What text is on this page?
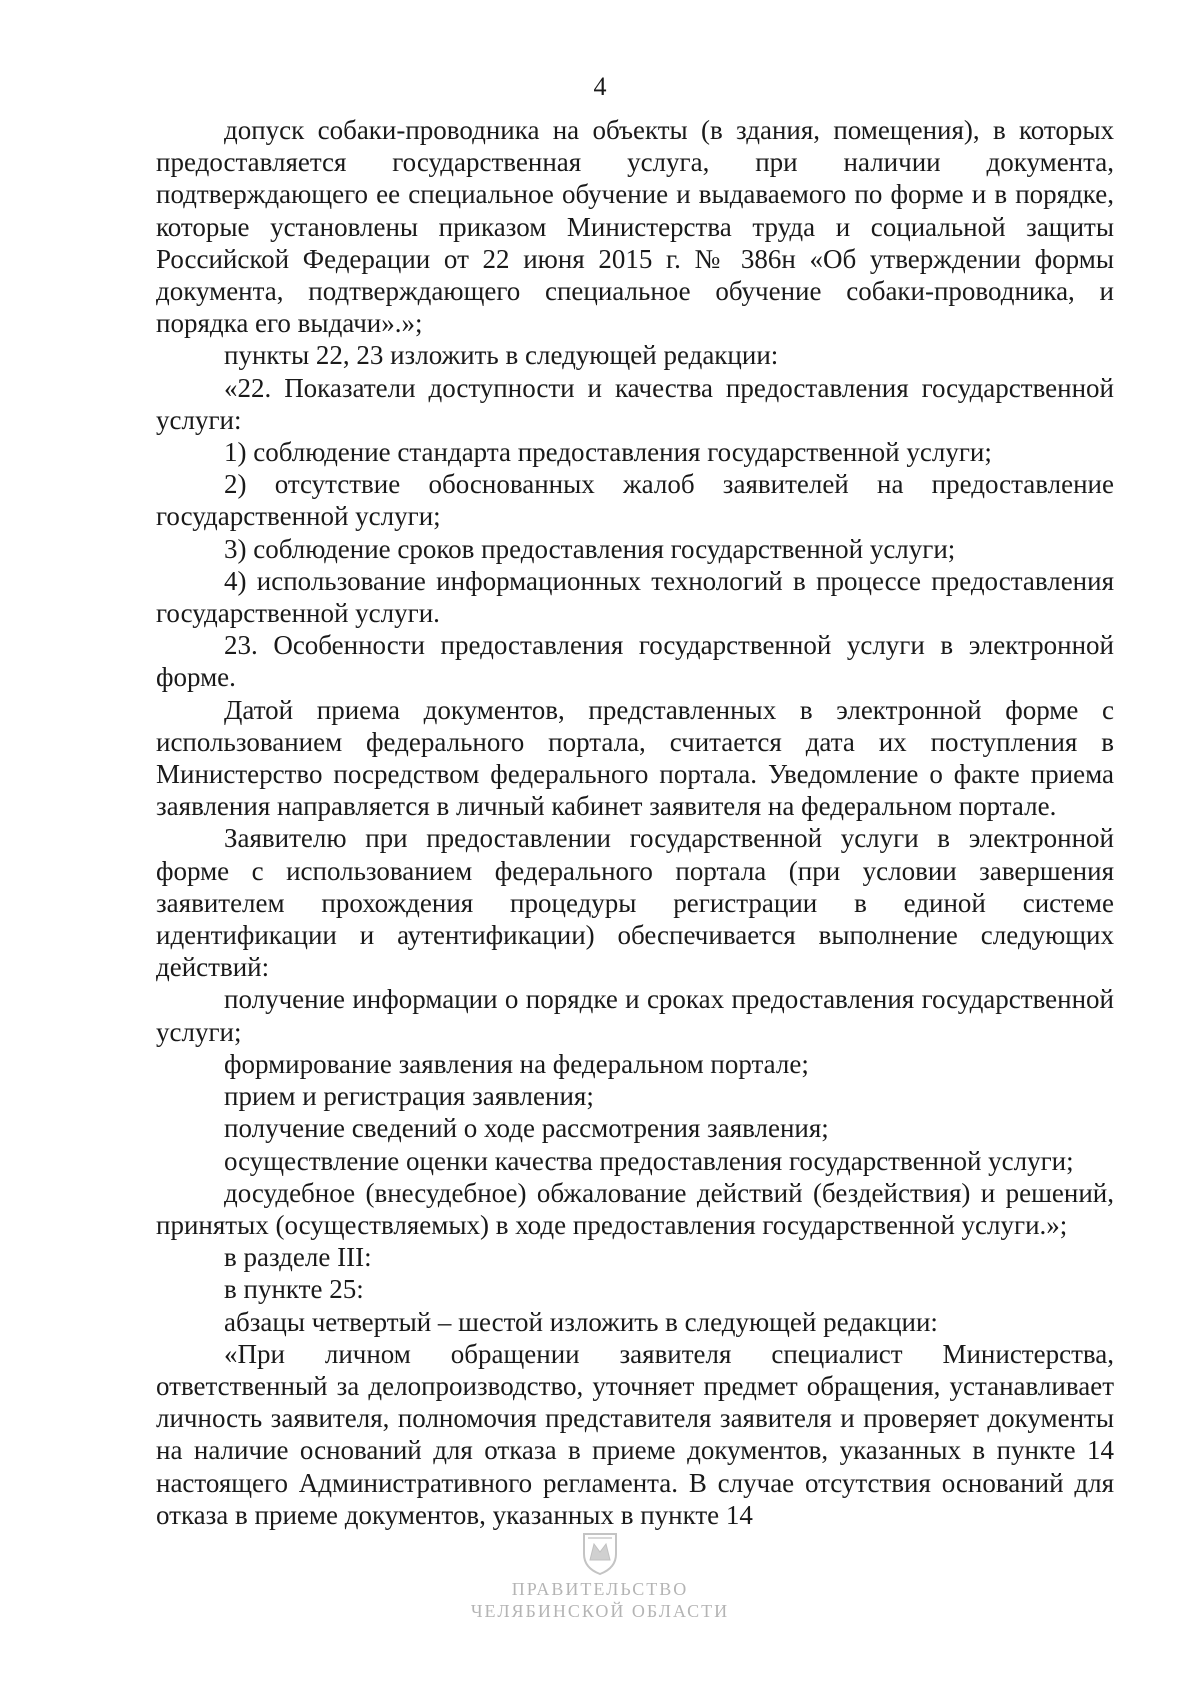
4

допуск собаки-проводника на объекты (в здания, помещения), в которых предоставляется государственная услуга, при наличии документа, подтверждающего ее специальное обучение и выдаваемого по форме и в порядке, которые установлены приказом Министерства труда и социальной защиты Российской Федерации от 22 июня 2015 г. № 386н «Об утверждении формы документа, подтверждающего специальное обучение собаки-проводника, и порядка его выдачи».»;

пункты 22, 23 изложить в следующей редакции:

«22. Показатели доступности и качества предоставления государственной услуги:

1) соблюдение стандарта предоставления государственной услуги;

2) отсутствие обоснованных жалоб заявителей на предоставление государственной услуги;

3) соблюдение сроков предоставления государственной услуги;

4) использование информационных технологий в процессе предоставления государственной услуги.

23. Особенности предоставления государственной услуги в электронной форме.

Датой приема документов, представленных в электронной форме с использованием федерального портала, считается дата их поступления в Министерство посредством федерального портала. Уведомление о факте приема заявления направляется в личный кабинет заявителя на федеральном портале.

Заявителю при предоставлении государственной услуги в электронной форме с использованием федерального портала (при условии завершения заявителем прохождения процедуры регистрации в единой системе идентификации и аутентификации) обеспечивается выполнение следующих действий:

получение информации о порядке и сроках предоставления государственной услуги;

формирование заявления на федеральном портале;

прием и регистрация заявления;

получение сведений о ходе рассмотрения заявления;

осуществление оценки качества предоставления государственной услуги;

досудебное (внесудебное) обжалование действий (бездействия) и решений, принятых (осуществляемых) в ходе предоставления государственной услуги.»;

в разделе III:

в пункте 25:

абзацы четвертый – шестой изложить в следующей редакции:

«При личном обращении заявителя специалист Министерства, ответственный за делопроизводство, уточняет предмет обращения, устанавливает личность заявителя, полномочия представителя заявителя и проверяет документы на наличие оснований для отказа в приеме документов, указанных в пункте 14 настоящего Административного регламента. В случае отсутствия оснований для отказа в приеме документов, указанных в пункте 14

ПРАВИТЕЛЬСТВО
ЧЕЛЯБИНСКОЙ ОБЛАСТИ
